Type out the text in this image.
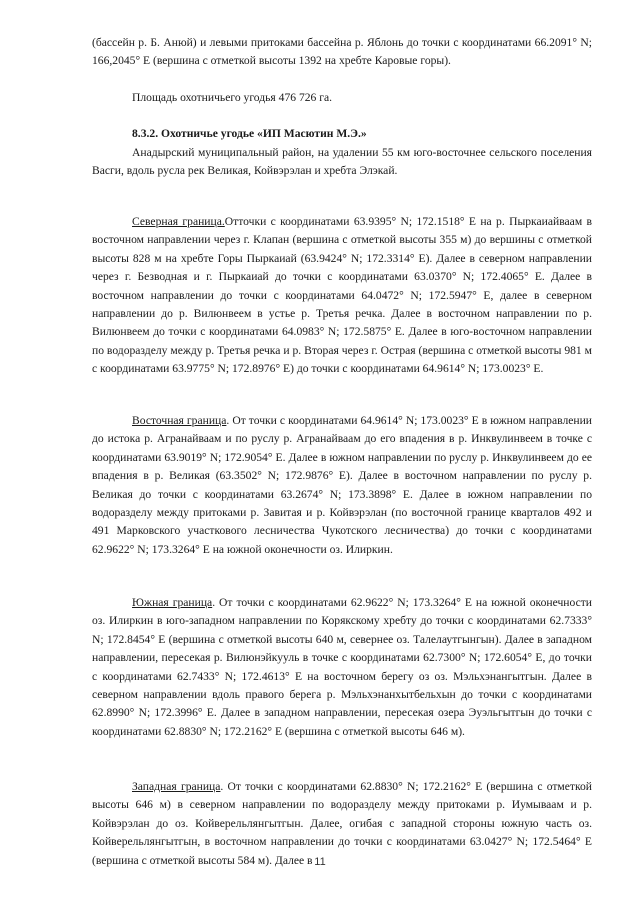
(бассейн р. Б. Анюй) и левыми притоками бассейна р. Яблонь до точки с координатами 66.2091° N; 166,2045° E (вершина с отметкой высоты 1392 на хребте Каровые горы).

Площадь охотничьего угодья 476 726 га.

8.3.2. Охотничье угодье «ИП Масютин М.Э.»

Анадырский муниципальный район, на удалении 55 км юго-восточнее сельского поселения Васги, вдоль русла рек Великая, Койвэрэлан и хребта Элэкай.

Северная граница.Отточки с координатами 63.9395° N; 172.1518° E на р. Пыркаиайваам в восточном направлении через г. Клапан (вершина с отметкой высоты 355 м) до вершины с отметкой высоты 828 м на хребте Горы Пыркаиай (63.9424° N; 172.3314° E). Далее в северном направлении через г. Безводная и г. Пыркаиай до точки с координатами 63.0370° N; 172.4065° E. Далее в восточном направлении до точки с координатами 64.0472° N; 172.5947° E, далее в северном направлении до р. Вилюнвеем в устье р. Третья речка. Далее в восточном направлении по р. Вилюнвеем до точки с координатами 64.0983° N; 172.5875° E. Далее в юго-восточном направлении по водоразделу между р. Третья речка и р. Вторая через г. Острая (вершина с отметкой высоты 981 м с координатами 63.9775° N; 172.8976° E) до точки с координатами 64.9614° N; 173.0023° E.

Восточная граница. От точки с координатами 64.9614° N; 173.0023° E в южном направлении до истока р. Агранайваам и по руслу р. Агранайваам до его впадения в р. Инквулинвеем в точке с координатами 63.9019° N; 172.9054° E. Далее в южном направлении по руслу р. Инквулинвеем до ее впадения в р. Великая (63.3502° N; 172.9876° E). Далее в восточном направлении по руслу р. Великая до точки с координатами 63.2674° N; 173.3898° E. Далее в южном направлении по водоразделу между притоками р. Завитая и р. Койвэрэлан (по восточной границе кварталов 492 и 491 Марковского участкового лесничества Чукотского лесничества) до точки с координатами 62.9622° N; 173.3264° E на южной оконечности оз. Илиркин.

Южная граница. От точки с координатами 62.9622° N; 173.3264° E на южной оконечности оз. Илиркин в юго-западном направлении по Корякскому хребту до точки с координатами 62.7333° N; 172.8454° E (вершина с отметкой высоты 640 м, севернее оз. Талелаутгынгын). Далее в западном направлении, пересекая р. Вилюнэйкууль в точке с координатами 62.7300° N; 172.6054° E, до точки с координатами 62.7433° N; 172.4613° E на восточном берегу оз оз. Мэльхэнангытгын. Далее в северном направлении вдоль правого берега р. Мэльхэнанхытбельхын до точки с координатами 62.8990° N; 172.3996° E. Далее в западном направлении, пересекая озера Эуэльгытгын до точки с координатами 62.8830° N; 172.2162° E (вершина с отметкой высоты 646 м).

Западная граница. От точки с координатами 62.8830° N; 172.2162° E (вершина с отметкой высоты 646 м) в северном направлении по водоразделу между притоками р. Иумываам и р. Койвэрэлан до оз. Койверельлянгытгын. Далее, огибая с западной стороны южную часть оз. Койверельлянгытгын, в восточном направлении до точки с координатами 63.0427° N; 172.5464° E (вершина с отметкой высоты 584 м). Далее в 11
